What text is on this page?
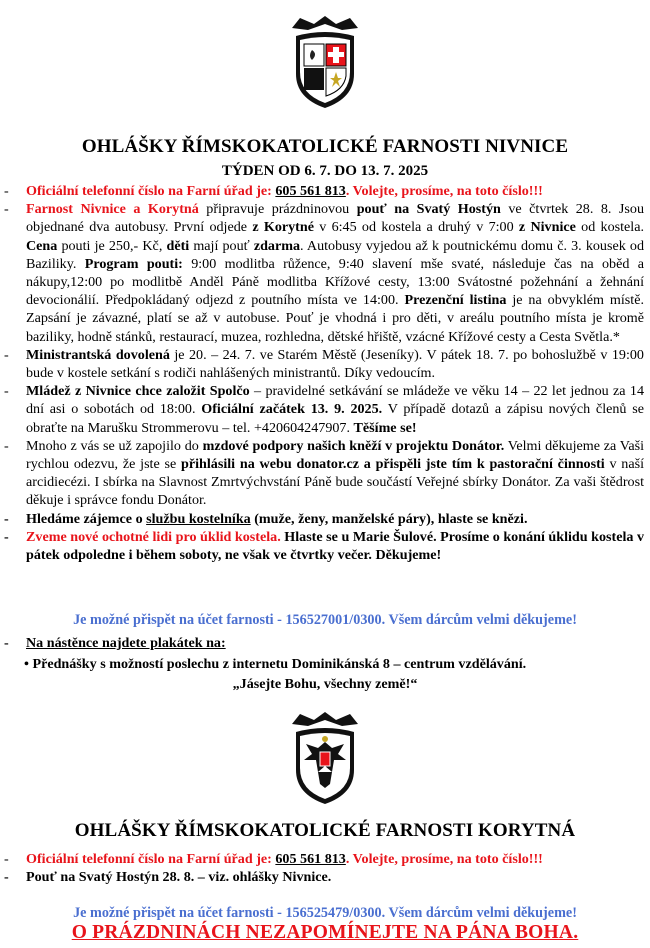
OHLÁŠKY ŘÍMSKOKATOLICKÉ FARNOSTI NIVNICE
TÝDEN OD 6. 7. DO 13. 7. 2025
- Oficiální telefonní číslo na Farní úřad je: 605 561 813. Volejte, prosíme, na toto číslo!!!
- Farnost Nivnice a Korytná připravuje prázdninovou pouť na Svatý Hostýn ve čtvrtek 28. 8. Jsou objednané dva autobusy. První odjede z Korytné v 6:45 od kostela a druhý v 7:00 z Nivnice od kostela. Cena pouti je 250,- Kč, děti mají pouť zdarma. Autobusy vyjedou až k poutnickému domu č. 3. kousek od Baziliky. Program pouti: 9:00 modlitba růžence, 9:40 slavení mše svaté, následuje čas na oběd a nákupy,12:00 po modlitbě Anděl Páně modlitba Křížové cesty, 13:00 Svátostné požehnání a žehnání devocionálií. Předpokládaný odjezd z poutního místa ve 14:00. Prezenční listina je na obvyklém místě. Zapsání je závazné, platí se až v autobuse. Pouť je vhodná i pro děti, v areálu poutního místa je kromě baziliky, hodně stánků, restaurací, muzea, rozhledna, dětské hřiště, vzácné Křížové cesty a Cesta Světla.*
- Ministrantská dovolená je 20. – 24. 7. ve Starém Městě (Jeseníky). V pátek 18. 7. po bohoslužbě v 19:00 bude v kostele setkání s rodiči nahlášených ministrantů. Díky vedoucím.
- Mládež z Nivnice chce založit Spolčo – pravidelné setkávání se mládeže ve věku 14 – 22 let jednou za 14 dní asi o sobotách od 18:00. Oficiální začátek 13. 9. 2025. V případě dotazů a zápisu nových členů se obraťte na Marušku Strommerovu – tel. +420604247907. Těšíme se!
- Mnoho z vás se už zapojilo do mzdové podpory našich kněží v projektu Donátor. Velmi děkujeme za Vaši rychlou odezvu, že jste se přihlásili na webu donator.cz a přispěli jste tím k pastorační činnosti v naší arcidiecézi. I sbírka na Slavnost Zmrtvýchvstání Páně bude součástí Veřejné sbírky Donátor. Za vaši štědrost děkuje i správce fondu Donátor.
- Hledáme zájemce o službu kostelníka (muže, ženy, manželské páry), hlaste se knězi.
- Zveme nové ochotné lidi pro úklid kostela. Hlaste se u Marie Šulové. Prosíme o konání úklidu kostela v pátek odpoledne i během soboty, ne však ve čtvrtky večer. Děkujeme!
Je možné přispět na účet farnosti - 156527001/0300. Všem dárcům velmi děkujeme!
- Na nástěnce najdete plakátek na:
• Přednášky s možností poslechu z internetu Dominikánská 8 – centrum vzdělávání.
„Jásejte Bohu, všechny země!“
OHLÁŠKY ŘÍMSKOKATOLICKÉ FARNOSTI KORYTNÁ
- Oficiální telefonní číslo na Farní úřad je: 605 561 813. Volejte, prosíme, na toto číslo!!!
- Pouť na Svatý Hostýn 28. 8. – viz. ohlášky Nivnice.
Je možné přispět na účet farnosti - 156525479/0300. Všem dárcům velmi děkujeme!
O PRÁZDNINÁCH NEZAPOMÍNEJTE NA PÁNA BOHA.
